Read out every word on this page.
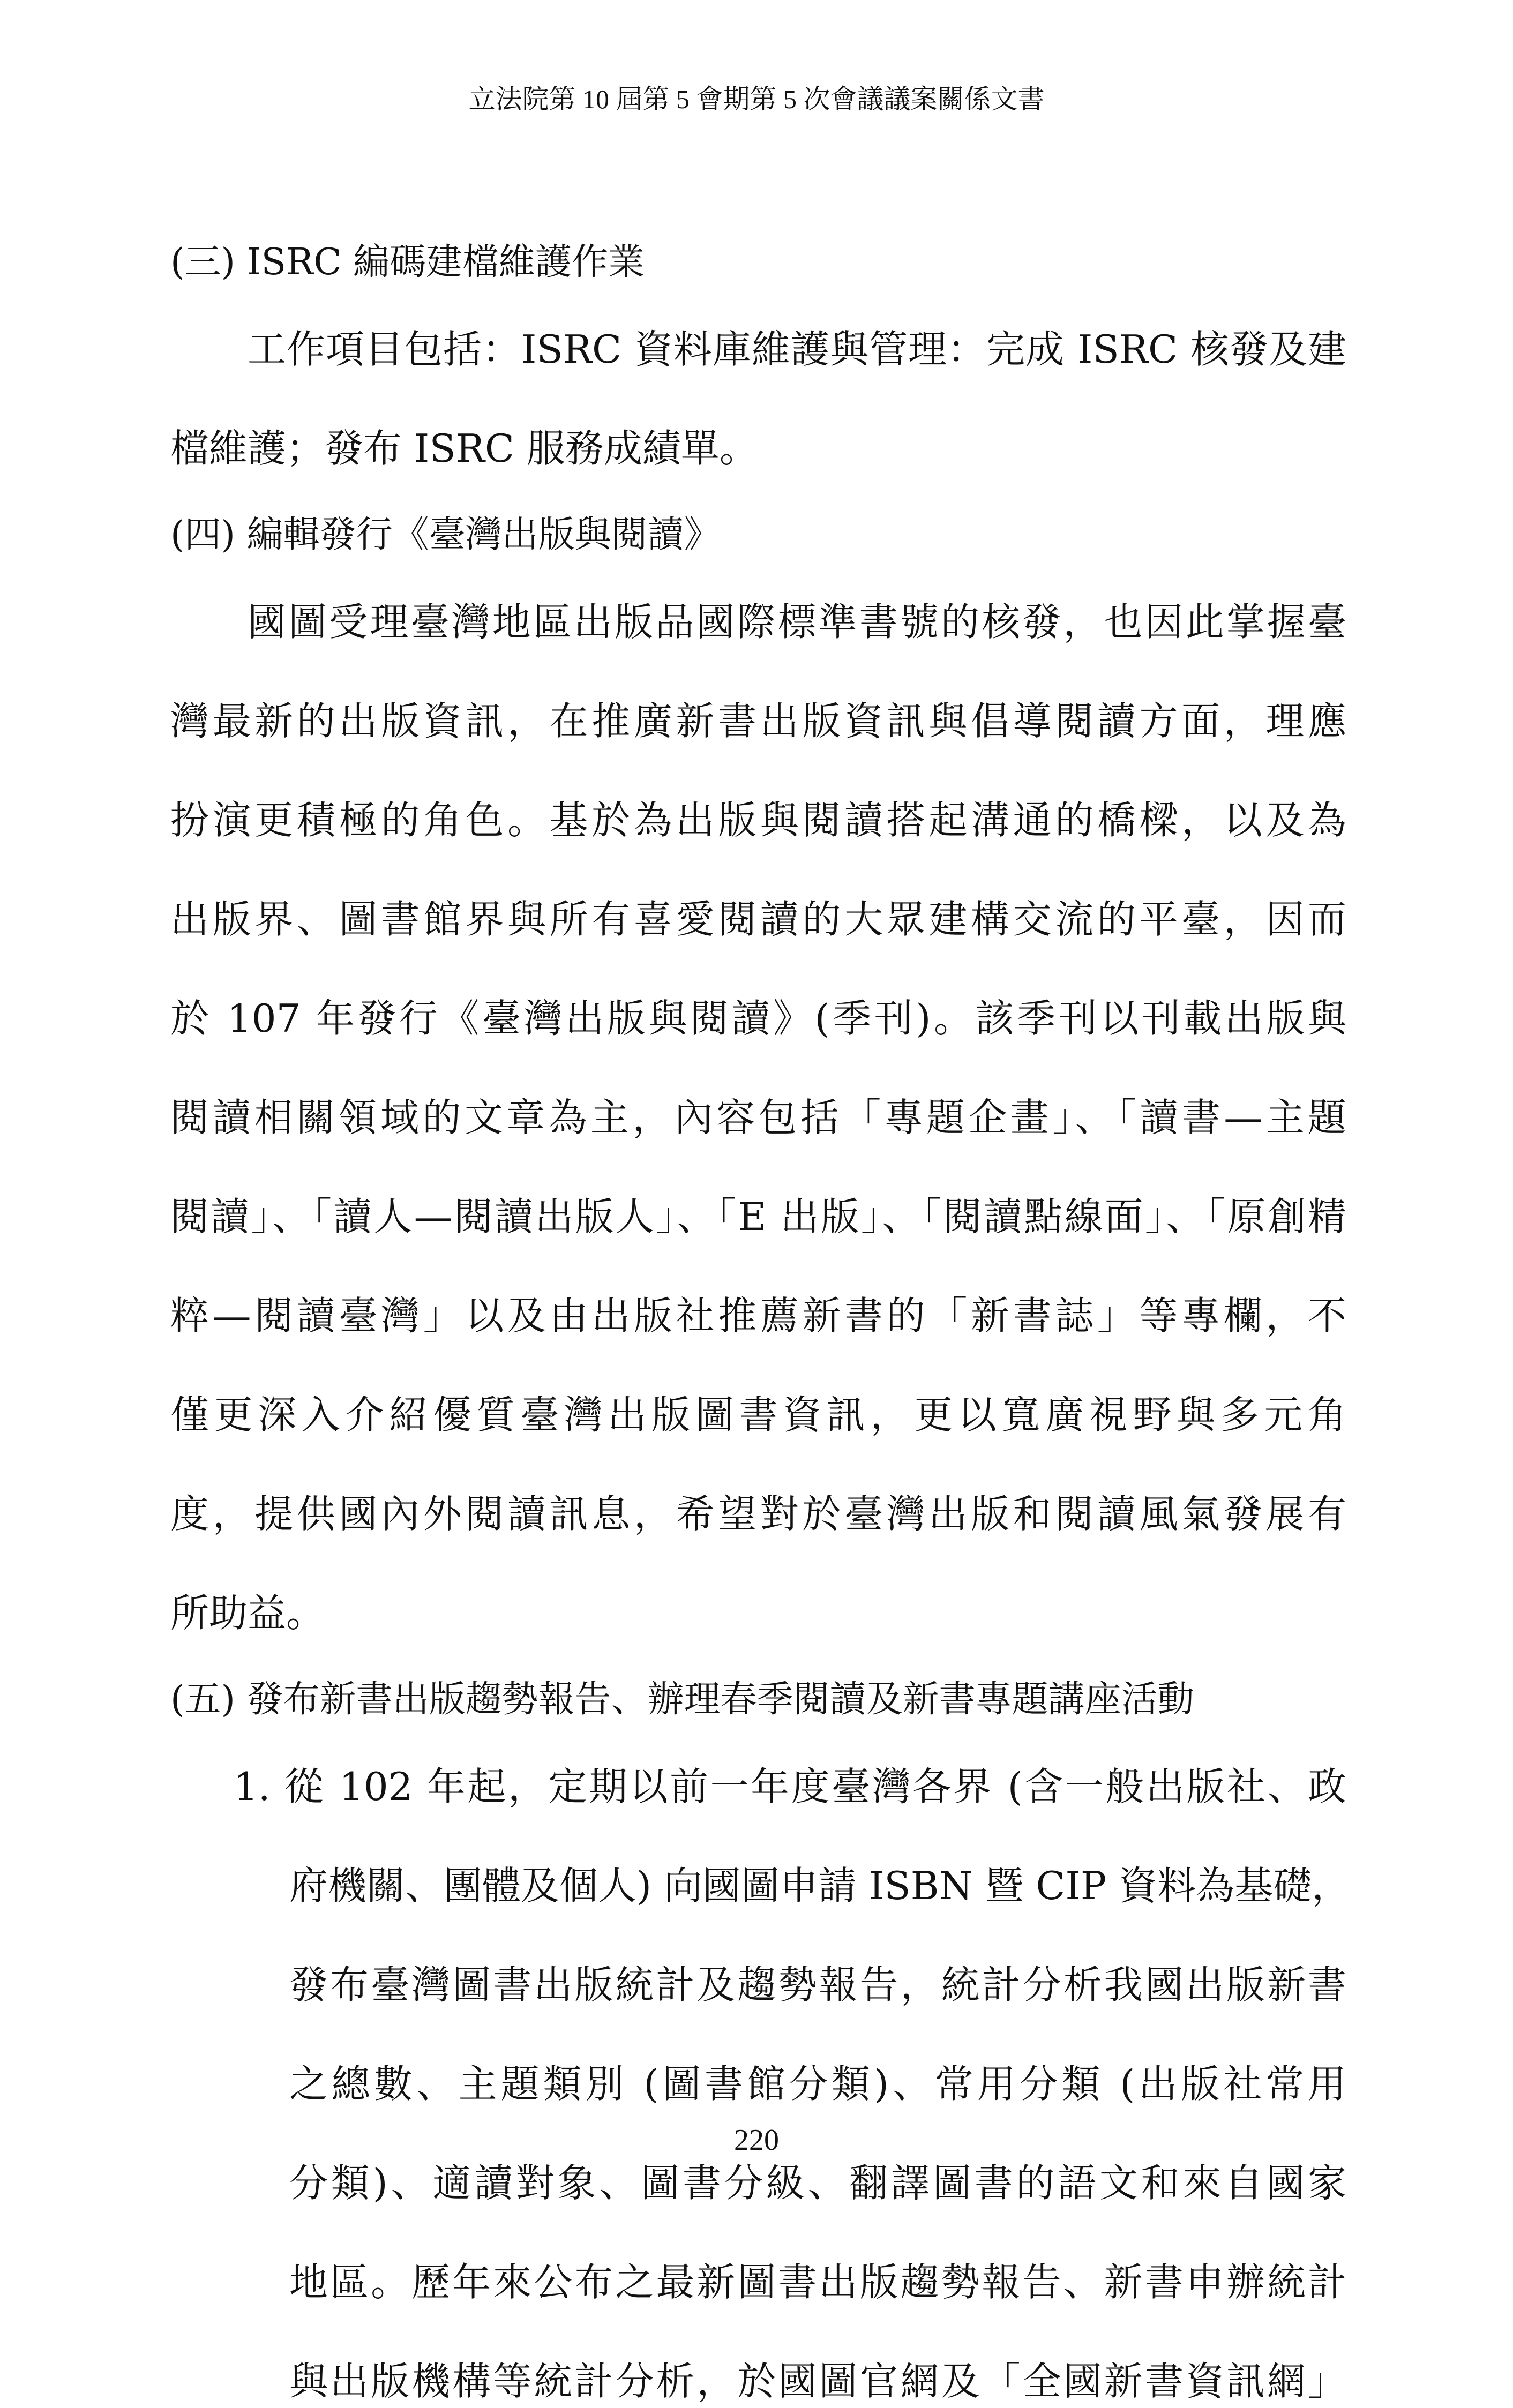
立法院第 10 屆第 5 會期第 5 次會議議案關係文書
(三) ISRC 編碼建檔維護作業
工作項目包括：ISRC 資料庫維護與管理：完成 ISRC 核發及建
檔維護；發布 ISRC 服務成績單。
(四) 編輯發行《臺灣出版與閱讀》
國圖受理臺灣地區出版品國際標準書號的核發，也因此掌握臺
灣最新的出版資訊，在推廣新書出版資訊與倡導閱讀方面，理應
扮演更積極的角色。基於為出版與閱讀搭起溝通的橋樑，以及為
出版界、圖書館界與所有喜愛閱讀的大眾建構交流的平臺，因而
於 107 年發行《臺灣出版與閱讀》(季刊)。該季刊以刊載出版與
閱讀相關領域的文章為主，內容包括「專題企畫」、「讀書—主題
閱讀」、「讀人—閱讀出版人」、「E 出版」、「閱讀點線面」、「原創精
粹—閱讀臺灣」以及由出版社推薦新書的「新書誌」等專欄，不
僅更深入介紹優質臺灣出版圖書資訊，更以寬廣視野與多元角
度，提供國內外閱讀訊息，希望對於臺灣出版和閱讀風氣發展有
所助益。
(五) 發布新書出版趨勢報告、辦理春季閱讀及新書專題講座活動
1. 從 102 年起，定期以前一年度臺灣各界 (含一般出版社、政
府機關、團體及個人) 向國圖申請 ISBN 暨 CIP 資料為基礎，
發布臺灣圖書出版統計及趨勢報告，統計分析我國出版新書
之總數、主題類別 (圖書館分類)、常用分類 (出版社常用
分類)、適讀對象、圖書分級、翻譯圖書的語文和來自國家
地區。歷年來公布之最新圖書出版趨勢報告、新書申辦統計
與出版機構等統計分析，於國圖官網及「全國新書資訊網」
220
